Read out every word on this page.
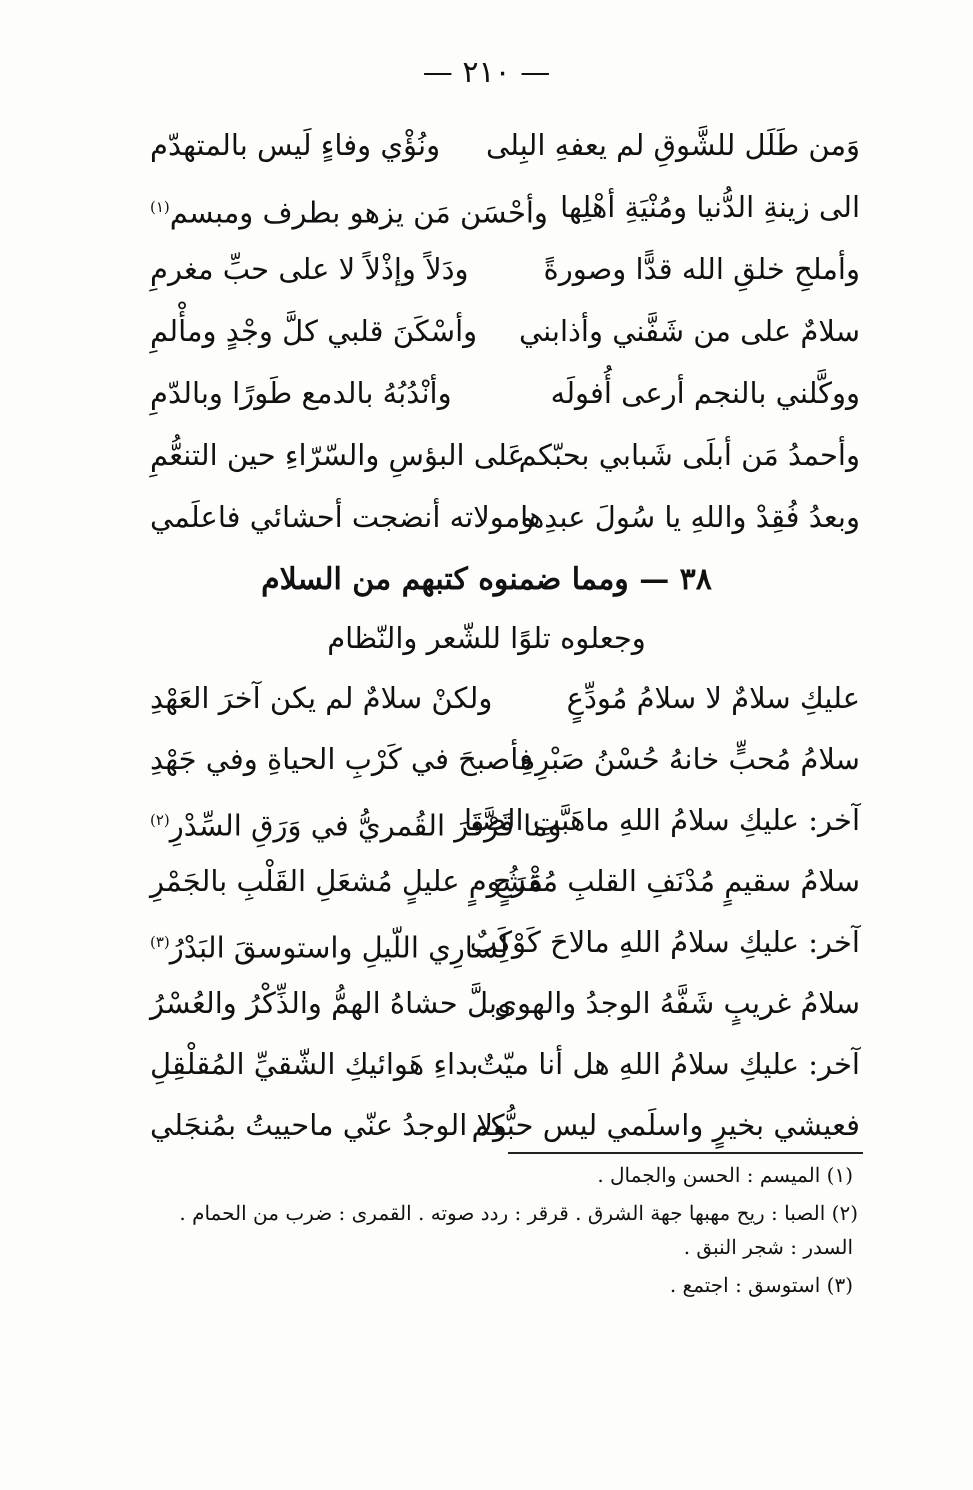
— ٢١٠ —
وَمن طَلَل للشَّوقِ لم يعفهِ البِلى
ونُؤْي وفاءٍ لَيس بالمتهدّم
الى زينةِ الدُّنيا ومُنْيَةِ أهْلِها
وأحْسَن مَن يزهو بطرف ومبسم$^{(١)}$
وأملحِ خلقِ الله قدًّا وصورةً
ودَلاً وإذْلاً لا على حبِّ مغرمِ
سلامٌ على من شَفَّني وأذابني
وأسْكَنَ قلبي كلَّ وجْدٍ ومأْلمِ
ووكَّلني بالنجم أرعى أُفولَه
وأنْدُبُهُ بالدمع طَورًا وبالدّمِ
وأحمدُ مَن أبلَى شَبابي بحبّكم
عَلى البؤسِ والسّرّاءِ حين التنعُّمِ
وبعدُ فُقِدْ واللهِ يا سُولَ عبدِها
ومولاته أنضجت أحشائي فاعلَمي
٣٨ — ومما ضمنوه كتبهم من السلام
وجعلوه تلوًا للشّعر والنّظام
عليكِ سلامٌ لا سلامُ مُودِّعٍ
ولكنْ سلامٌ لم يكن آخرَ العَهْدِ
سلامُ مُحبٍّ خانهُ حُسْنُ صَبْرِهِ
فأصبحَ في كَرْبِ الحياةِ وفي جَهْدِ
آخر: عليكِ سلامُ اللهِ ماهَبَّتِ الصَّبا
وما قَرْقَرَ القُمريُّ في وَرَقِ السِّدْرِ$^{(٢)}$
سلامُ سقيمٍ مُدْنَفِ القلبِ مُقْرَحٍ
مَشُومٍ عليلٍ مُشعَلِ القَلْبِ بالجَمْرِ
آخر: عليكِ سلامُ اللهِ مالاحَ كَوْكَبٌ
لِسارِي اللّيلِ واستوسقَ البَدْرُ$^{(٣)}$
سلامُ غريبٍ شَفَّهُ الوجدُ والهوى
وبلَّ حشاهُ الهمُّ والذِّكْرُ والعُسْرُ
آخر: عليكِ سلامُ اللهِ هل أنا ميّتٌ
بداءِ هَوائيكِ الشّقيِّ المُقلْقِلِ
فعيشي بخيرٍ واسلَمي ليس حبُّكم
ولا الوجدُ عنّي ماحييتُ بمُنجَلي
(١) الميسم : الحسن والجمال .
(٢) الصبا : ريح مهبها جهة الشرق . قرقر : ردد صوته . القمرى : ضرب من الحمام .
السدر : شجر النبق .
(٣) استوسق : اجتمع .
